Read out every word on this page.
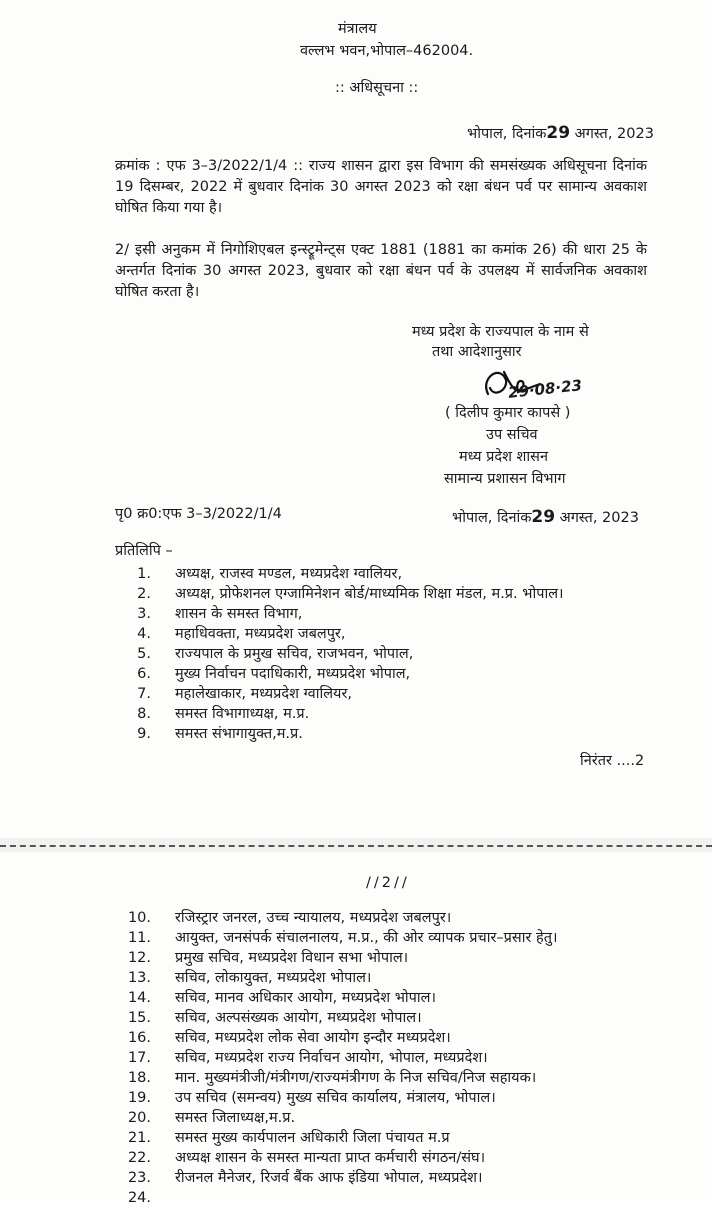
मंत्रालय
वल्लभ भवन,भोपाल–462004.
:: अधिसूचना ::
भोपाल, दिनांक29 अगस्त, 2023
क्रमांक : एफ 3–3/2022/1/4 :: राज्य शासन द्वारा इस विभाग की समसंख्यक अधिसूचना दिनांक 19 दिसम्बर, 2022 में बुधवार दिनांक 30 अगस्त 2023 को रक्षा बंधन पर्व पर सामान्य अवकाश घोषित किया गया है।
2/ इसी अनुकम में निगोशिएबल इन्स्ट्रूमेन्ट्स एक्ट 1881 (1881 का कमांक 26) की धारा 25 के अन्तर्गत दिनांक 30 अगस्त 2023, बुधवार को रक्षा बंधन पर्व के उपलक्ष्य में सार्वजनिक अवकाश घोषित करता है।
मध्य प्रदेश के राज्यपाल के नाम से
तथा आदेशानुसार
29·08·23
( दिलीप कुमार कापसे )
उप सचिव
मध्य प्रदेश शासन
सामान्य प्रशासन विभाग
पृ0 क्र0:एफ 3–3/2022/1/4	भोपाल, दिनांक29 अगस्त, 2023
प्रतिलिपि –
1. अध्यक्ष, राजस्व मण्डल, मध्यप्रदेश ग्वालियर,
2. अध्यक्ष, प्रोफेशनल एग्जामिनेशन बोर्ड/माध्यमिक शिक्षा मंडल, म.प्र. भोपाल।
3. शासन के समस्त विभाग,
4. महाधिवक्ता, मध्यप्रदेश जबलपुर,
5. राज्यपाल के प्रमुख सचिव, राजभवन, भोपाल,
6. मुख्य निर्वाचन पदाधिकारी, मध्यप्रदेश भोपाल,
7. महालेखाकार, मध्यप्रदेश ग्वालियर,
8. समस्त विभागाध्यक्ष, म.प्र.
9. समस्त संभागायुक्त,म.प्र.
निरंतर ....2
//2//
10. रजिस्ट्रार जनरल, उच्च न्यायालय, मध्यप्रदेश जबलपुर।
11. आयुक्त, जनसंपर्क संचालनालय, म.प्र., की ओर व्यापक प्रचार–प्रसार हेतु।
12. प्रमुख सचिव, मध्यप्रदेश विधान सभा भोपाल।
13. सचिव, लोकायुक्त, मध्यप्रदेश भोपाल।
14. सचिव, मानव अधिकार आयोग, मध्यप्रदेश भोपाल।
15. सचिव, अल्पसंख्यक आयोग, मध्यप्रदेश भोपाल।
16. सचिव, मध्यप्रदेश लोक सेवा आयोग इन्दौर मध्यप्रदेश।
17. सचिव, मध्यप्रदेश राज्य निर्वाचन आयोग, भोपाल, मध्यप्रदेश।
18. मान. मुख्यमंत्रीजी/मंत्रीगण/राज्यमंत्रीगण के निज सचिव/निज सहायक।
19. उप सचिव (समन्वय) मुख्य सचिव कार्यालय, मंत्रालय, भोपाल।
20. समस्त जिलाध्यक्ष,म.प्र.
21. समस्त मुख्य कार्यपालन अधिकारी जिला पंचायत म.प्र
22. अध्यक्ष शासन के समस्त मान्यता प्राप्त कर्मचारी संगठन/संघ।
23. रीजनल मैनेजर, रिजर्व बैंक आफ इंडिया भोपाल, मध्यप्रदेश।
24.
